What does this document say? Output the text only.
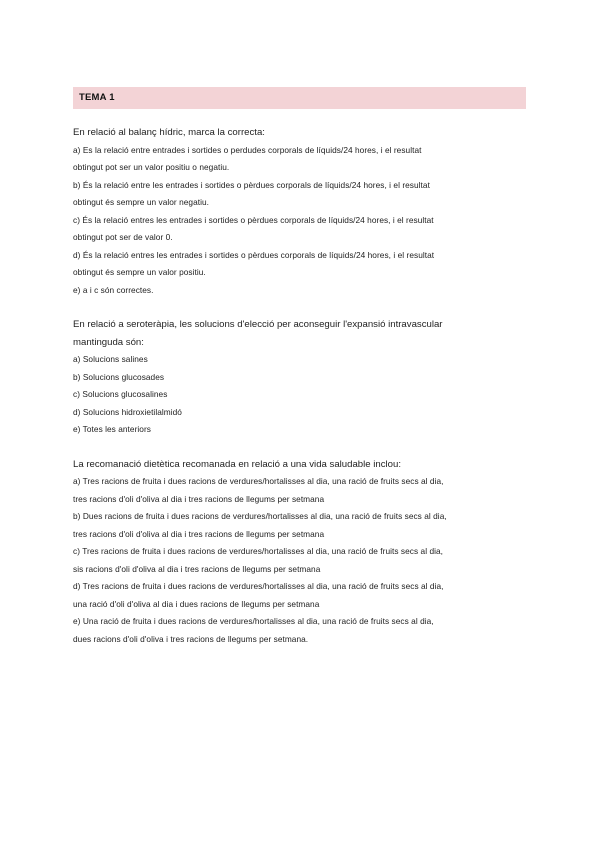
TEMA 1

En relació al balanç hídric, marca la correcta:

a) Es la relació entre entrades i sortides o perdudes corporals de líquids/24 hores, i el resultat

obtingut pot ser un valor positiu o negatiu.

b) És la relació entre les entrades i sortides o pèrdues corporals de líquids/24 hores, i el resultat

obtingut és sempre un valor negatiu.

c) És la relació entres les entrades i sortides o pèrdues corporals de líquids/24 hores, i el resultat

obtingut pot ser de valor 0.

d) És la relació entres les entrades i sortides o pèrdues corporals de líquids/24 hores, i el resultat

obtingut és sempre un valor positiu.

e) a i c són correctes.

En relació a seroteràpia, les solucions d'elecció per aconseguir l'expansió intravascular

mantinguda són:

a) Solucions salines

b) Solucions glucosades

c) Solucions glucosalines

d) Solucions hidroxietilalmidó

e) Totes les anteriors

La recomanació dietètica recomanada en relació a una vida saludable inclou:

a) Tres racions de fruita i dues racions de verdures/hortalisses al dia, una ració de fruits secs al dia,

tres racions d'oli d'oliva al dia i tres racions de llegums per setmana

b) Dues racions de fruita i dues racions de verdures/hortalisses al dia, una ració de fruits secs al dia,

tres racions d'oli d'oliva al dia i tres racions de llegums per setmana

c) Tres racions de fruita i dues racions de verdures/hortalisses al dia, una ració de fruits secs al dia,

sis racions d'oli d'oliva al dia i tres racions de llegums per setmana

d) Tres racions de fruita i dues racions de verdures/hortalisses al dia, una ració de fruits secs al dia,

una ració d'oli d'oliva al dia i dues racions de llegums per setmana

e) Una ració de fruita i dues racions de verdures/hortalisses al dia, una ració de fruits secs al dia,

dues racions d'oli d'oliva i tres racions de llegums per setmana.
